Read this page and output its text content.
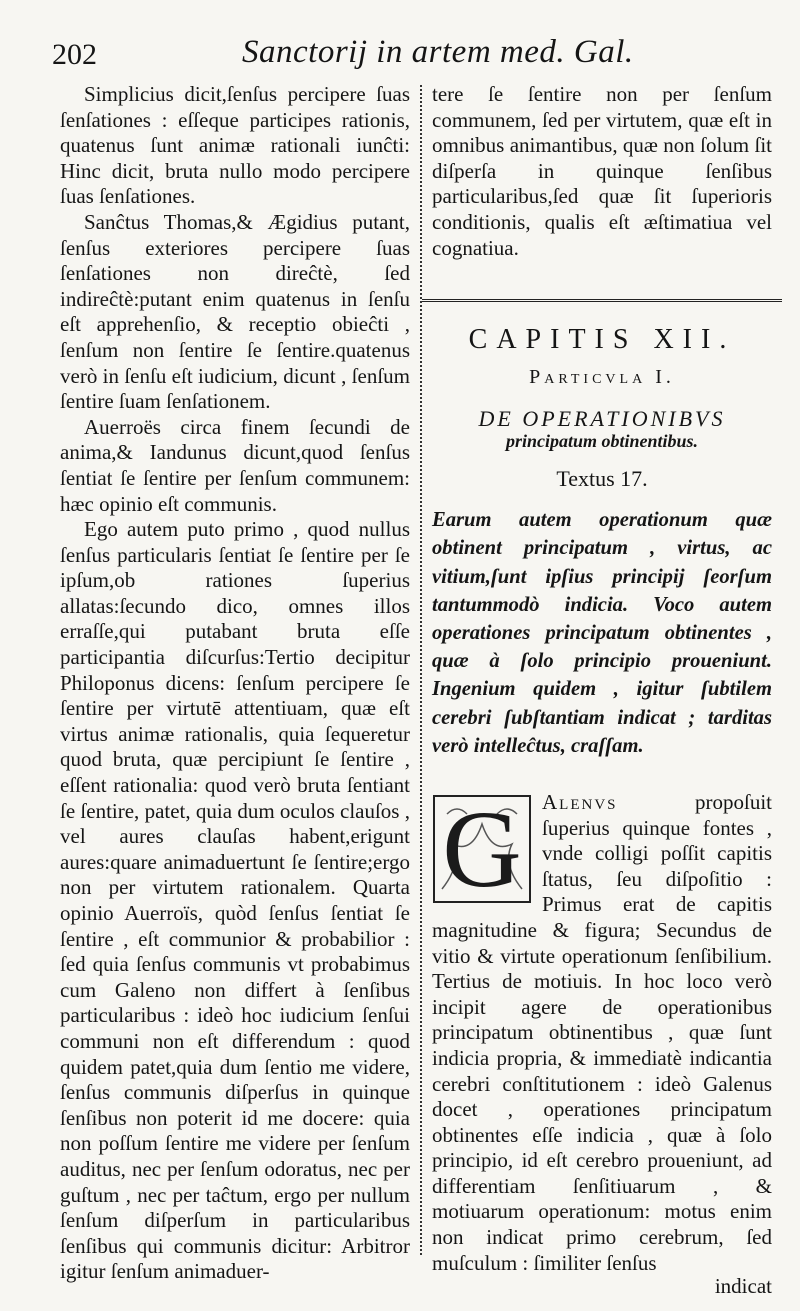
202	Sanctorij in artem med. Gal.

Simplicius dicit,ſenſus percipere ſuas ſenſationes : eſſeque participes rationis, quatenus ſunt animæ rationali iunĉti: Hinc dicit, bruta nullo modo percipere ſuas ſenſationes.

Sanĉtus Thomas,& Ægidius putant, ſenſus exteriores percipere ſuas ſenſationes non direĉtè, ſed indireĉtè:putant enim quatenus in ſenſu eſt apprehenſio, & receptio obieĉti , ſenſum non ſentire ſe ſentire.quatenus verò in ſenſu eſt iudicium, dicunt , ſenſum ſentire ſuam ſenſationem.

Auerroës circa finem ſecundi de anima,& Iandunus dicunt,quod ſenſus ſentiat ſe ſentire per ſenſum communem: hæc opinio eſt communis.

Ego autem puto primo , quod nullus ſenſus particularis ſentiat ſe ſentire per ſe ipſum,ob rationes ſuperius allatas:ſecundo dico, omnes illos erraſſe,qui putabant bruta eſſe participantia diſcurſus:Tertio decipitur Philoponus dicens: ſenſum percipere ſe ſentire per virtutē attentiuam, quæ eſt virtus animæ rationalis, quia ſequeretur quod bruta, quæ percipiunt ſe ſentire , eſſent rationalia: quod verò bruta ſentiant ſe ſentire, patet, quia dum oculos clauſos , vel aures clauſas habent,erigunt aures:quare animaduertunt ſe ſentire;ergo non per virtutem rationalem. Quarta opinio Auerroïs, quòd ſenſus ſentiat ſe ſentire , eſt communior & probabilior : ſed quia ſenſus communis vt probabimus cum Galeno non differt à ſenſibus particularibus : ideò hoc iudicium ſenſui communi non eſt differendum : quod quidem patet,quia dum ſentio me videre, ſenſus communis diſperſus in quinque ſenſibus non poterit id me docere: quia non poſſum ſentire me videre per ſenſum auditus, nec per ſenſum odoratus, nec per guſtum , nec per taĉtum, ergo per nullum ſenſum diſperſum in particularibus ſenſibus qui communis dicitur: Arbitror igitur ſenſum animaduer-

tere ſe ſentire non per ſenſum communem, ſed per virtutem, quæ eſt in omnibus animantibus, quæ non ſolum ſit diſperſa in quinque ſenſibus particularibus,ſed quæ ſit ſuperioris conditionis, qualis eſt æſtimatiua vel cognatiua.

CAPITIS XII.
Particvla I.
DE OPERATIONIBVS
principatum obtinentibus.
Textus 17.

Earum autem operationum quæ obtinent principatum , virtus, ac vitium,ſunt ipſius principij ſeorſum tantummodò indicia. Voco autem operationes principatum obtinentes , quæ à ſolo principio proueniunt. Ingenium quidem , igitur ſubtilem cerebri ſubſtantiam indicat ; tarditas verò intelleĉtus, craſſam.

G Alenvs propoſuit ſuperius quinque fontes , vnde colligi poſſit capitis ſtatus, ſeu diſpoſitio : Primus erat de capitis magnitudine & figura; Secundus de vitio & virtute operationum ſenſibilium. Tertius de motiuis. In hoc loco verò incipit agere de operationibus principatum obtinentibus , quæ ſunt indicia propria, & immediatè indicantia cerebri conſtitutionem : ideò Galenus docet , operationes principatum obtinentes eſſe indicia , quæ à ſolo principio, id eſt cerebro proueniunt, ad differentiam ſenſitiuarum , & motiuarum operationum: motus enim non indicat primo cerebrum, ſed muſculum : ſimiliter ſenſus

indicat
